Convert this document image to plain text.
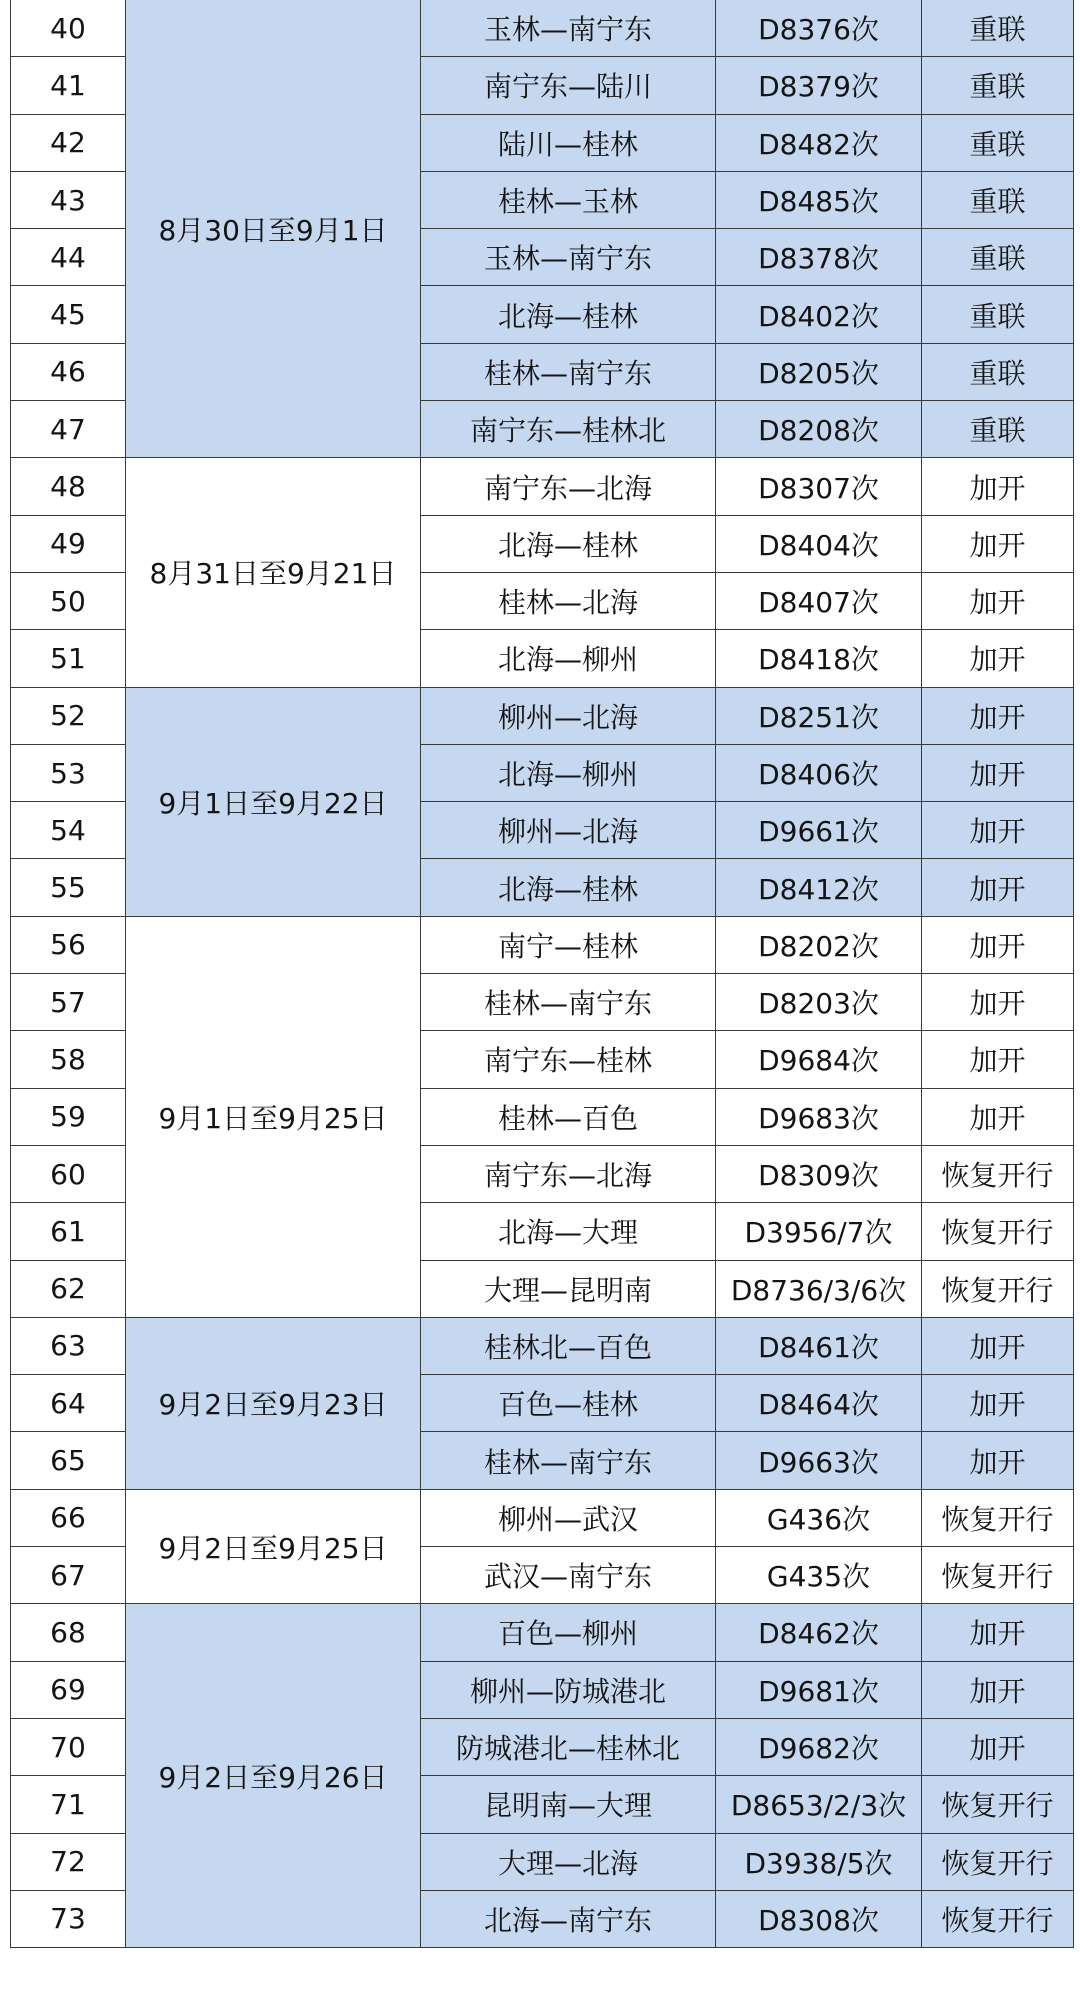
40	8月30日至9月1日	玉林—南宁东	D8376次	重联
41		南宁东—陆川	D8379次	重联
42		陆川—桂林	D8482次	重联
43		桂林—玉林	D8485次	重联
44		玉林—南宁东	D8378次	重联
45		北海—桂林	D8402次	重联
46		桂林—南宁东	D8205次	重联
47		南宁东—桂林北	D8208次	重联
48	8月31日至9月21日	南宁东—北海	D8307次	加开
49		北海—桂林	D8404次	加开
50		桂林—北海	D8407次	加开
51		北海—柳州	D8418次	加开
52	9月1日至9月22日	柳州—北海	D8251次	加开
53		北海—柳州	D8406次	加开
54		柳州—北海	D9661次	加开
55		北海—桂林	D8412次	加开
56	9月1日至9月25日	南宁—桂林	D8202次	加开
57		桂林—南宁东	D8203次	加开
58		南宁东—桂林	D9684次	加开
59		桂林—百色	D9683次	加开
60		南宁东—北海	D8309次	恢复开行
61		北海—大理	D3956/7次	恢复开行
62		大理—昆明南	D8736/3/6次	恢复开行
63	9月2日至9月23日	桂林北—百色	D8461次	加开
64		百色—桂林	D8464次	加开
65		桂林—南宁东	D9663次	加开
66	9月2日至9月25日	柳州—武汉	G436次	恢复开行
67		武汉—南宁东	G435次	恢复开行
68	9月2日至9月26日	百色—柳州	D8462次	加开
69		柳州—防城港北	D9681次	加开
70		防城港北—桂林北	D9682次	加开
71		昆明南—大理	D8653/2/3次	恢复开行
72		大理—北海	D3938/5次	恢复开行
73		北海—南宁东	D8308次	恢复开行
